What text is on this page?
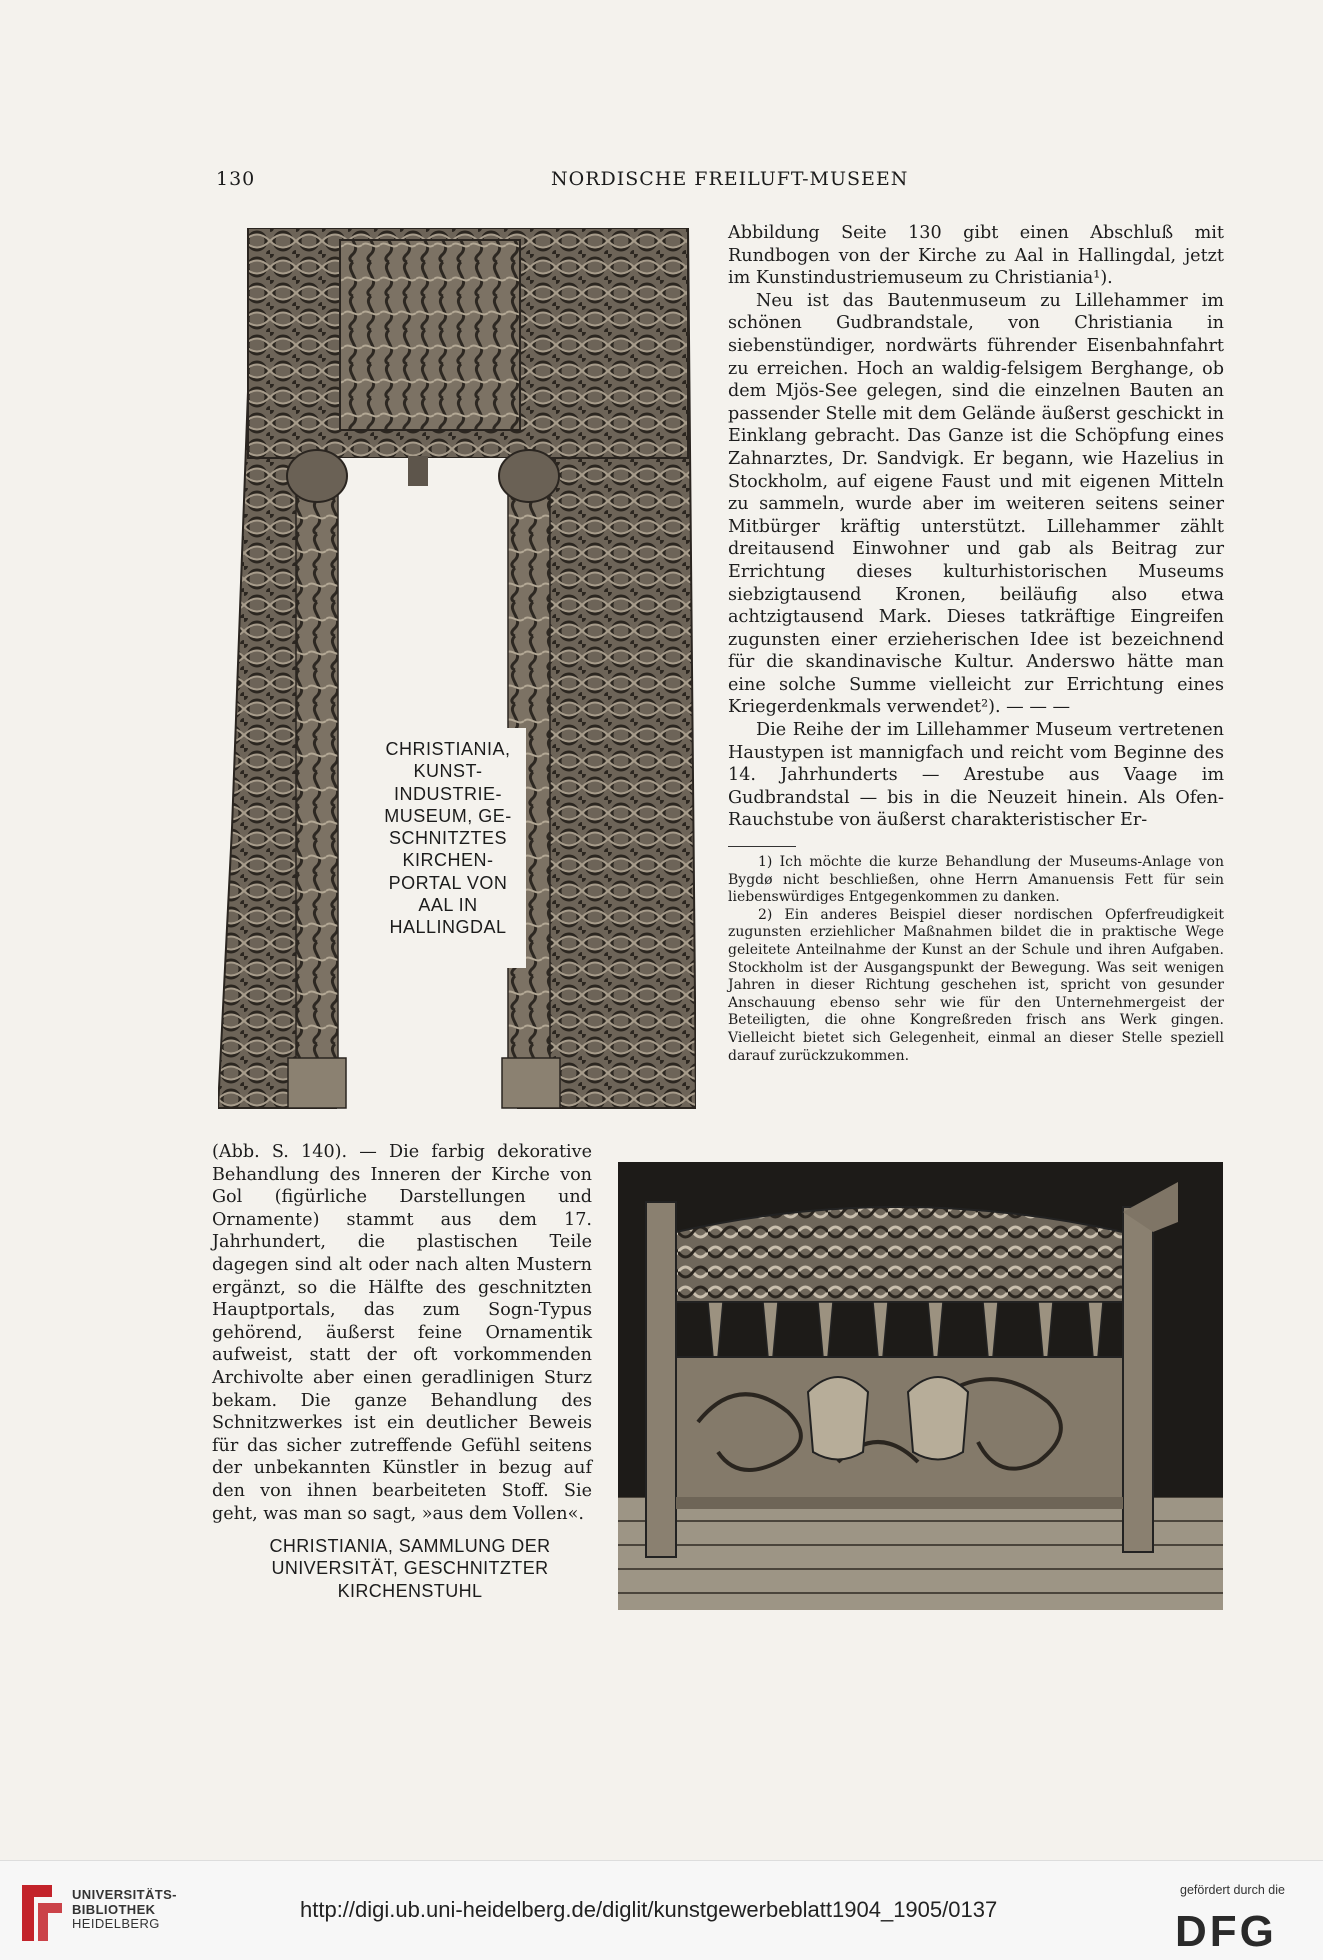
130	NORDISCHE FREILUFT-MUSEEN
CHRISTIANIA,
KUNST-
INDUSTRIE-
MUSEUM, GE-
SCHNITZTES
KIRCHEN-
PORTAL VON
AAL IN
HALLINGDAL

Abbildung Seite 130 gibt einen Abschluß mit Rundbogen von der Kirche zu Aal in Hallingdal, jetzt im Kunstindustriemuseum zu Christiania¹).

Neu ist das Bautenmuseum zu Lillehammer im schönen Gudbrandstale, von Christiania in siebenstündiger, nordwärts führender Eisenbahnfahrt zu erreichen. Hoch an waldig-felsigem Berghange, ob dem Mjös-See gelegen, sind die einzelnen Bauten an passender Stelle mit dem Gelände äußerst geschickt in Einklang gebracht. Das Ganze ist die Schöpfung eines Zahnarztes, Dr. Sandvigk. Er begann, wie Hazelius in Stockholm, auf eigene Faust und mit eigenen Mitteln zu sammeln, wurde aber im weiteren seitens seiner Mitbürger kräftig unterstützt. Lillehammer zählt dreitausend Einwohner und gab als Beitrag zur Errichtung dieses kulturhistorischen Museums siebzigtausend Kronen, beiläufig also etwa achtzigtausend Mark. Dieses tatkräftige Eingreifen zugunsten einer erzieherischen Idee ist bezeichnend für die skandinavische Kultur. Anderswo hätte man eine solche Summe vielleicht zur Errichtung eines Kriegerdenkmals verwendet²). — — —

Die Reihe der im Lillehammer Museum vertretenen Haustypen ist mannigfach und reicht vom Beginne des 14. Jahrhunderts — Arestube aus Vaage im Gudbrandstal — bis in die Neuzeit hinein. Als Ofen-Rauchstube von äußerst charakteristischer Er-

1) Ich möchte die kurze Behandlung der Museums-Anlage von Bygdø nicht beschließen, ohne Herrn Amanuensis Fett für sein liebenswürdiges Entgegenkommen zu danken.

2) Ein anderes Beispiel dieser nordischen Opferfreudigkeit zugunsten erziehlicher Maßnahmen bildet die in praktische Wege geleitete Anteilnahme der Kunst an der Schule und ihren Aufgaben. Stockholm ist der Ausgangspunkt der Bewegung. Was seit wenigen Jahren in dieser Richtung geschehen ist, spricht von gesunder Anschauung ebenso sehr wie für den Unternehmergeist der Beteiligten, die ohne Kongreßreden frisch ans Werk gingen. Vielleicht bietet sich Gelegenheit, einmal an dieser Stelle speziell darauf zurückzukommen.

(Abb. S. 140). — Die farbig dekorative Behandlung des Inneren der Kirche von Gol (figürliche Darstellungen und Ornamente) stammt aus dem 17. Jahrhundert, die plastischen Teile dagegen sind alt oder nach alten Mustern ergänzt, so die Hälfte des geschnitzten Hauptportals, das zum Sogn-Typus gehörend, äußerst feine Ornamentik aufweist, statt der oft vorkommenden Archivolte aber einen geradlinigen Sturz bekam. Die ganze Behandlung des Schnitzwerkes ist ein deutlicher Beweis für das sicher zutreffende Gefühl seitens der unbekannten Künstler in bezug auf den von ihnen bearbeiteten Stoff. Sie geht, was man so sagt, »aus dem Vollen«.

CHRISTIANIA, SAMMLUNG DER
UNIVERSITÄT, GESCHNITZTER
KIRCHENSTUHL
UNIVERSITÄTS-
BIBLIOTHEK
HEIDELBERG
http://digi.ub.uni-heidelberg.de/diglit/kunstgewerbeblatt1904_1905/0137
gefördert durch die
DFG
